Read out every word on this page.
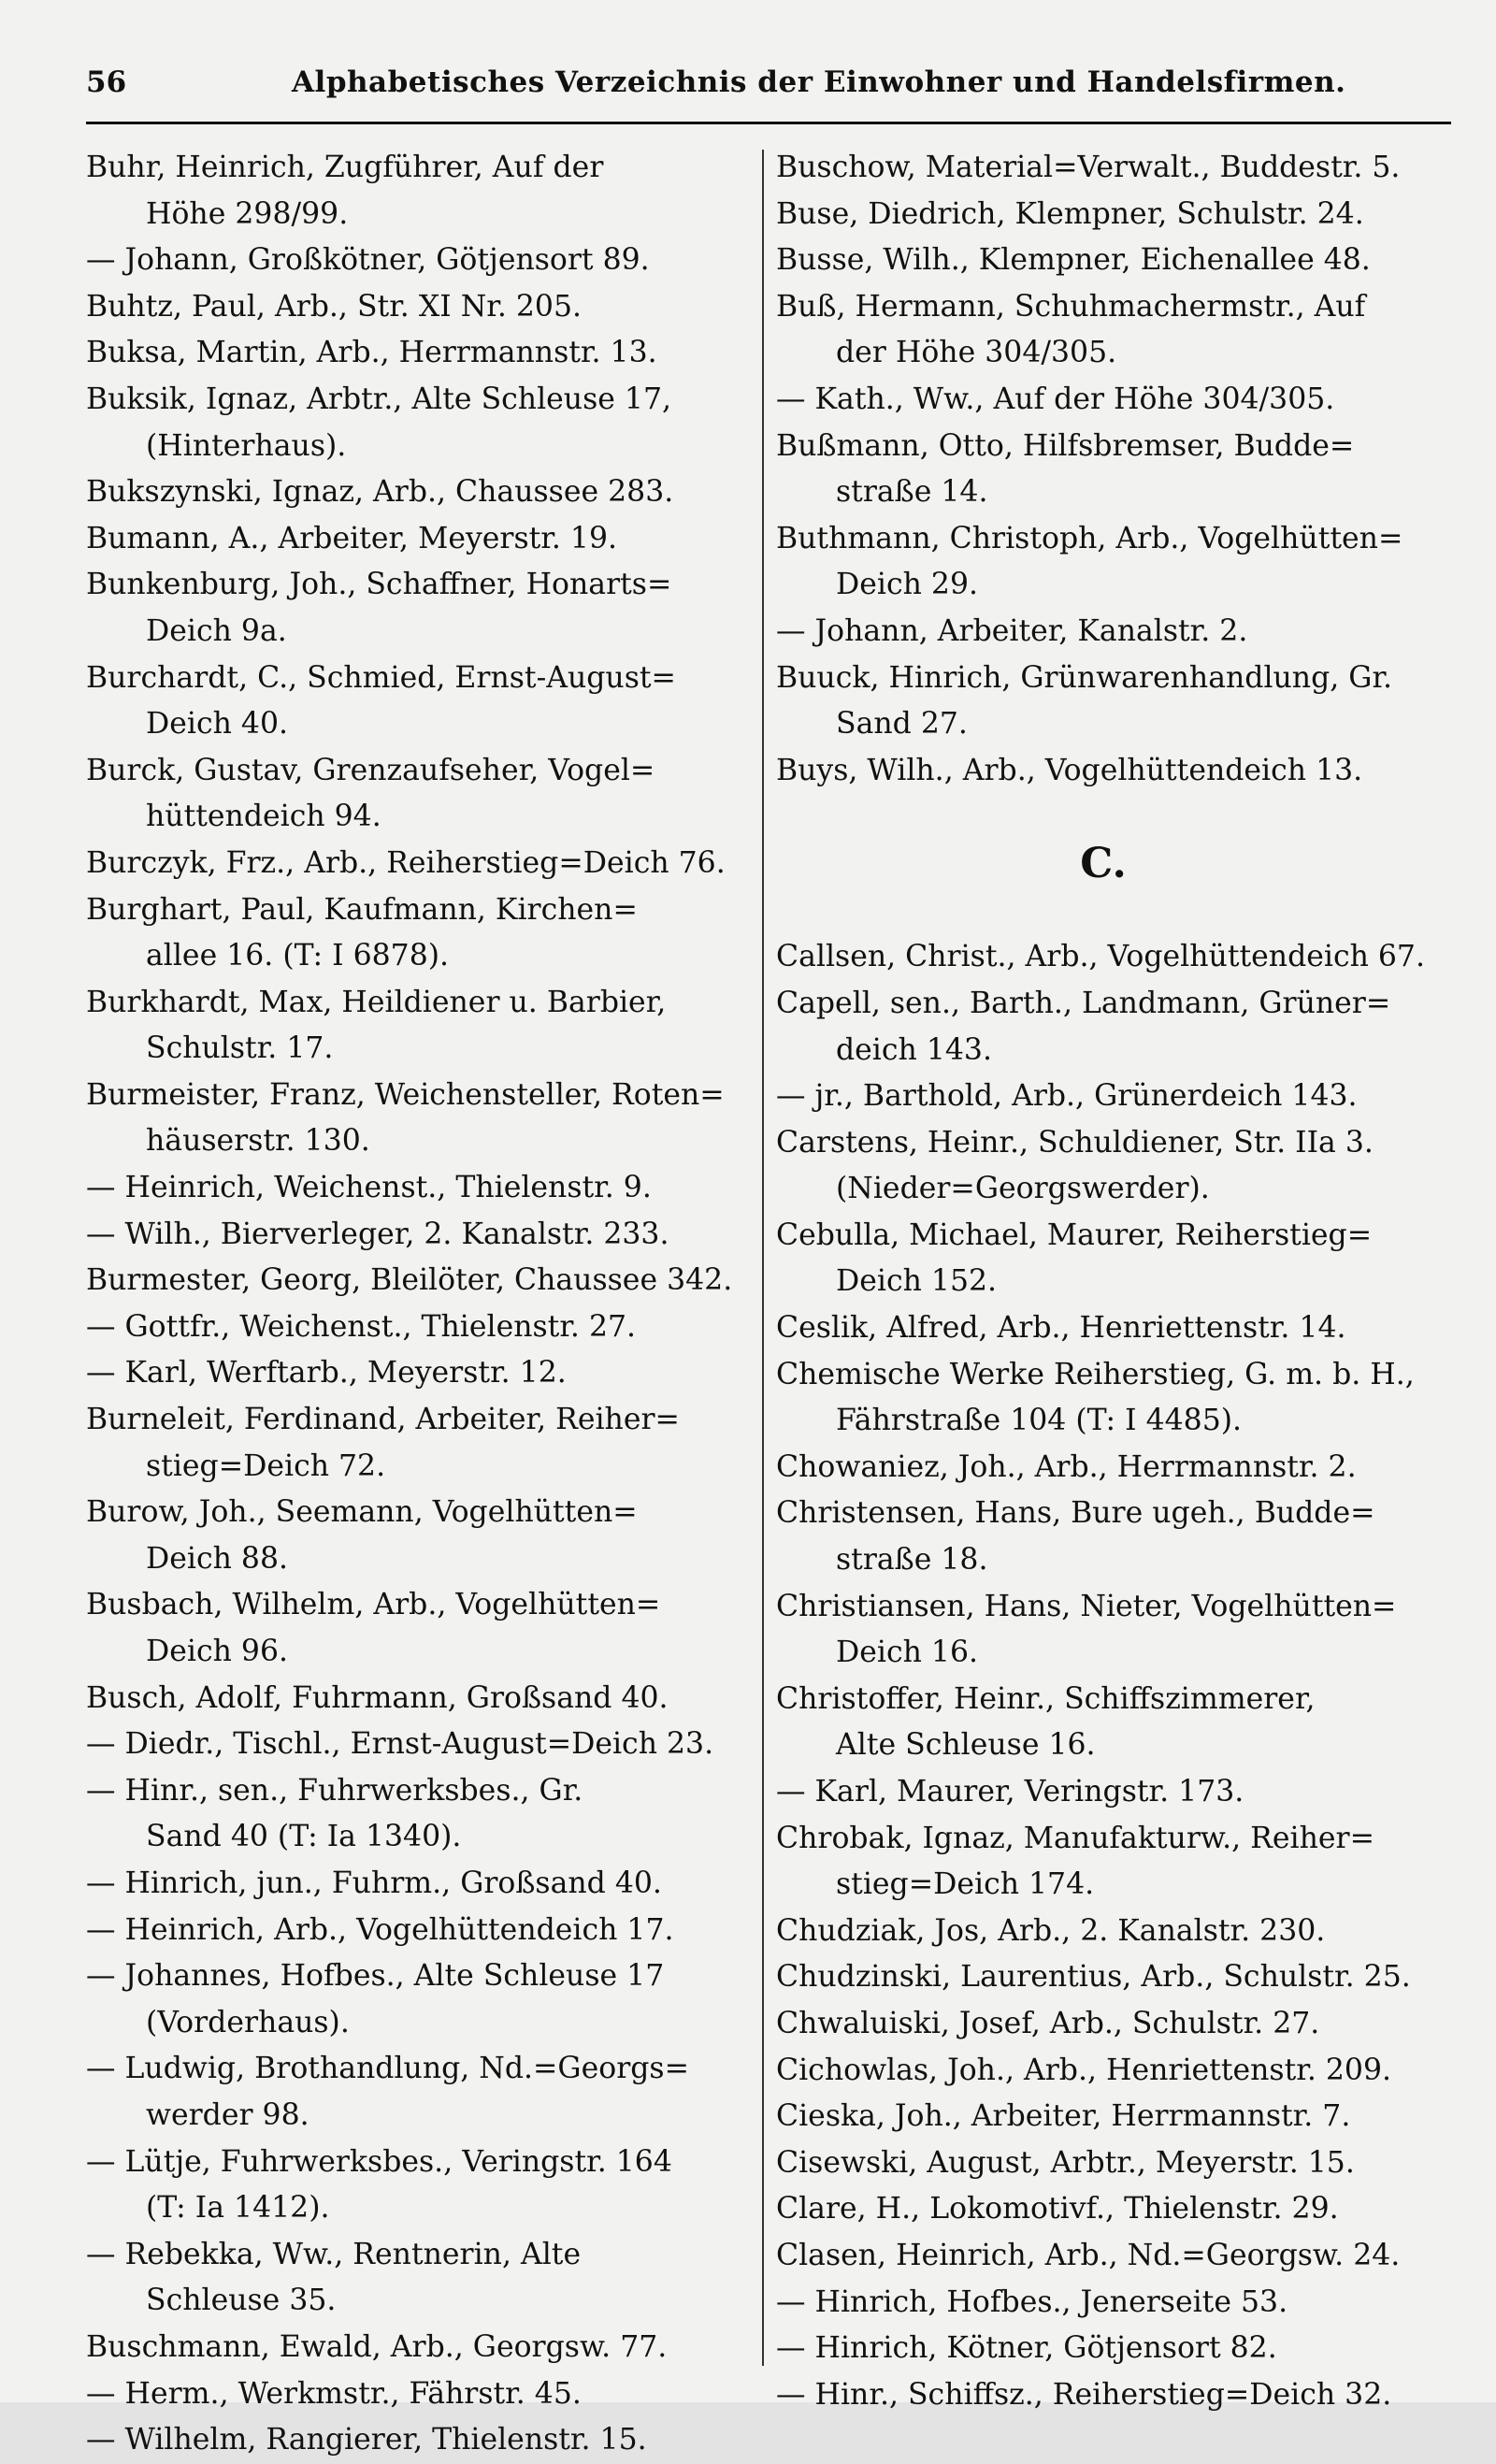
56	Alphabetisches Verzeichnis der Einwohner und Handelsfirmen.
Buhr, Heinrich, Zugführer, Auf der
Höhe 298/99.
— Johann, Großkötner, Götjensort 89.
Buhtz, Paul, Arb., Str. XI Nr. 205.
Buksa, Martin, Arb., Herrmannstr. 13.
Buksik, Ignaz, Arbtr., Alte Schleuse 17,
(Hinterhaus).
Bukszynski, Ignaz, Arb., Chaussee 283.
Bumann, A., Arbeiter, Meyerstr. 19.
Bunkenburg, Joh., Schaffner, Honarts=
Deich 9a.
Burchardt, C., Schmied, Ernst-August=
Deich 40.
Burck, Gustav, Grenzaufseher, Vogel=
hüttendeich 94.
Burczyk, Frz., Arb., Reiherstieg=Deich 76.
Burghart, Paul, Kaufmann, Kirchen=
allee 16. (T: I 6878).
Burkhardt, Max, Heildiener u. Barbier,
Schulstr. 17.
Burmeister, Franz, Weichensteller, Roten=
häuserstr. 130.
— Heinrich, Weichenst., Thielenstr. 9.
— Wilh., Bierverleger, 2. Kanalstr. 233.
Burmester, Georg, Bleilöter, Chaussee 342.
— Gottfr., Weichenst., Thielenstr. 27.
— Karl, Werftarb., Meyerstr. 12.
Burneleit, Ferdinand, Arbeiter, Reiher=
stieg=Deich 72.
Burow, Joh., Seemann, Vogelhütten=
Deich 88.
Busbach, Wilhelm, Arb., Vogelhütten=
Deich 96.
Busch, Adolf, Fuhrmann, Großsand 40.
— Diedr., Tischl., Ernst-August=Deich 23.
— Hinr., sen., Fuhrwerksbes., Gr.
Sand 40 (T: Ia 1340).
— Hinrich, jun., Fuhrm., Großsand 40.
— Heinrich, Arb., Vogelhüttendeich 17.
— Johannes, Hofbes., Alte Schleuse 17
(Vorderhaus).
— Ludwig, Brothandlung, Nd.=Georgs=
werder 98.
— Lütje, Fuhrwerksbes., Veringstr. 164
(T: Ia 1412).
— Rebekka, Ww., Rentnerin, Alte
Schleuse 35.
Buschmann, Ewald, Arb., Georgsw. 77.
— Herm., Werkmstr., Fährstr. 45.
— Wilhelm, Rangierer, Thielenstr. 15.
Buschow, Material=Verwalt., Buddestr. 5.
Buse, Diedrich, Klempner, Schulstr. 24.
Busse, Wilh., Klempner, Eichenallee 48.
Buß, Hermann, Schuhmachermstr., Auf
der Höhe 304/305.
— Kath., Ww., Auf der Höhe 304/305.
Bußmann, Otto, Hilfsbremser, Budde=
straße 14.
Buthmann, Christoph, Arb., Vogelhütten=
Deich 29.
— Johann, Arbeiter, Kanalstr. 2.
Buuck, Hinrich, Grünwarenhandlung, Gr.
Sand 27.
Buys, Wilh., Arb., Vogelhüttendeich 13.
C.
Callsen, Christ., Arb., Vogelhüttendeich 67.
Capell, sen., Barth., Landmann, Grüner=
deich 143.
— jr., Barthold, Arb., Grünerdeich 143.
Carstens, Heinr., Schuldiener, Str. IIa 3.
(Nieder=Georgswerder).
Cebulla, Michael, Maurer, Reiherstieg=
Deich 152.
Ceslik, Alfred, Arb., Henriettenstr. 14.
Chemische Werke Reiherstieg, G. m. b. H.,
Fährstraße 104 (T: I 4485).
Chowaniez, Joh., Arb., Herrmannstr. 2.
Christensen, Hans, Bure ugeh., Budde=
straße 18.
Christiansen, Hans, Nieter, Vogelhütten=
Deich 16.
Christoffer, Heinr., Schiffszimmerer,
Alte Schleuse 16.
— Karl, Maurer, Veringstr. 173.
Chrobak, Ignaz, Manufakturw., Reiher=
stieg=Deich 174.
Chudziak, Jos, Arb., 2. Kanalstr. 230.
Chudzinski, Laurentius, Arb., Schulstr. 25.
Chwaluiski, Josef, Arb., Schulstr. 27.
Cichowlas, Joh., Arb., Henriettenstr. 209.
Cieska, Joh., Arbeiter, Herrmannstr. 7.
Cisewski, August, Arbtr., Meyerstr. 15.
Clare, H., Lokomotivf., Thielenstr. 29.
Clasen, Heinrich, Arb., Nd.=Georgsw. 24.
— Hinrich, Hofbes., Jenerseite 53.
— Hinrich, Kötner, Götjensort 82.
— Hinr., Schiffsz., Reiherstieg=Deich 32.
